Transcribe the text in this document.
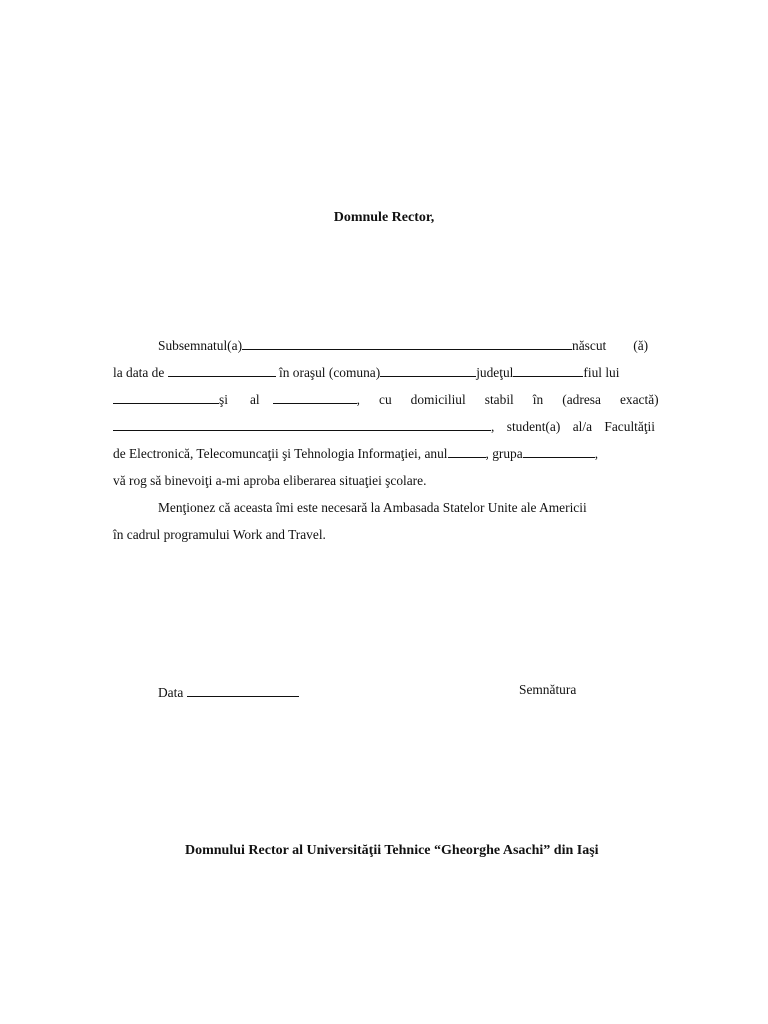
Domnule Rector,
Subsemnatul(a)	născut (ă)
la data de	în oraşul (comuna)	judeţul	fiul lui
şi al	, cu domiciliul stabil în (adresa exactă)
, student(a) al/a Facultăţii
de Electronică, Telecomuncaţii şi Tehnologia Informaţiei, anul	, grupa	,
vă rog să binevoiţi a-mi aproba eliberarea situaţiei şcolare.
Menţionez că aceasta îmi este necesară la Ambasada Statelor Unite ale Americii
în cadrul programului Work and Travel.
Data	Semnătura
Domnului Rector al Universităţii Tehnice “Gheorghe Asachi” din Iaşi
